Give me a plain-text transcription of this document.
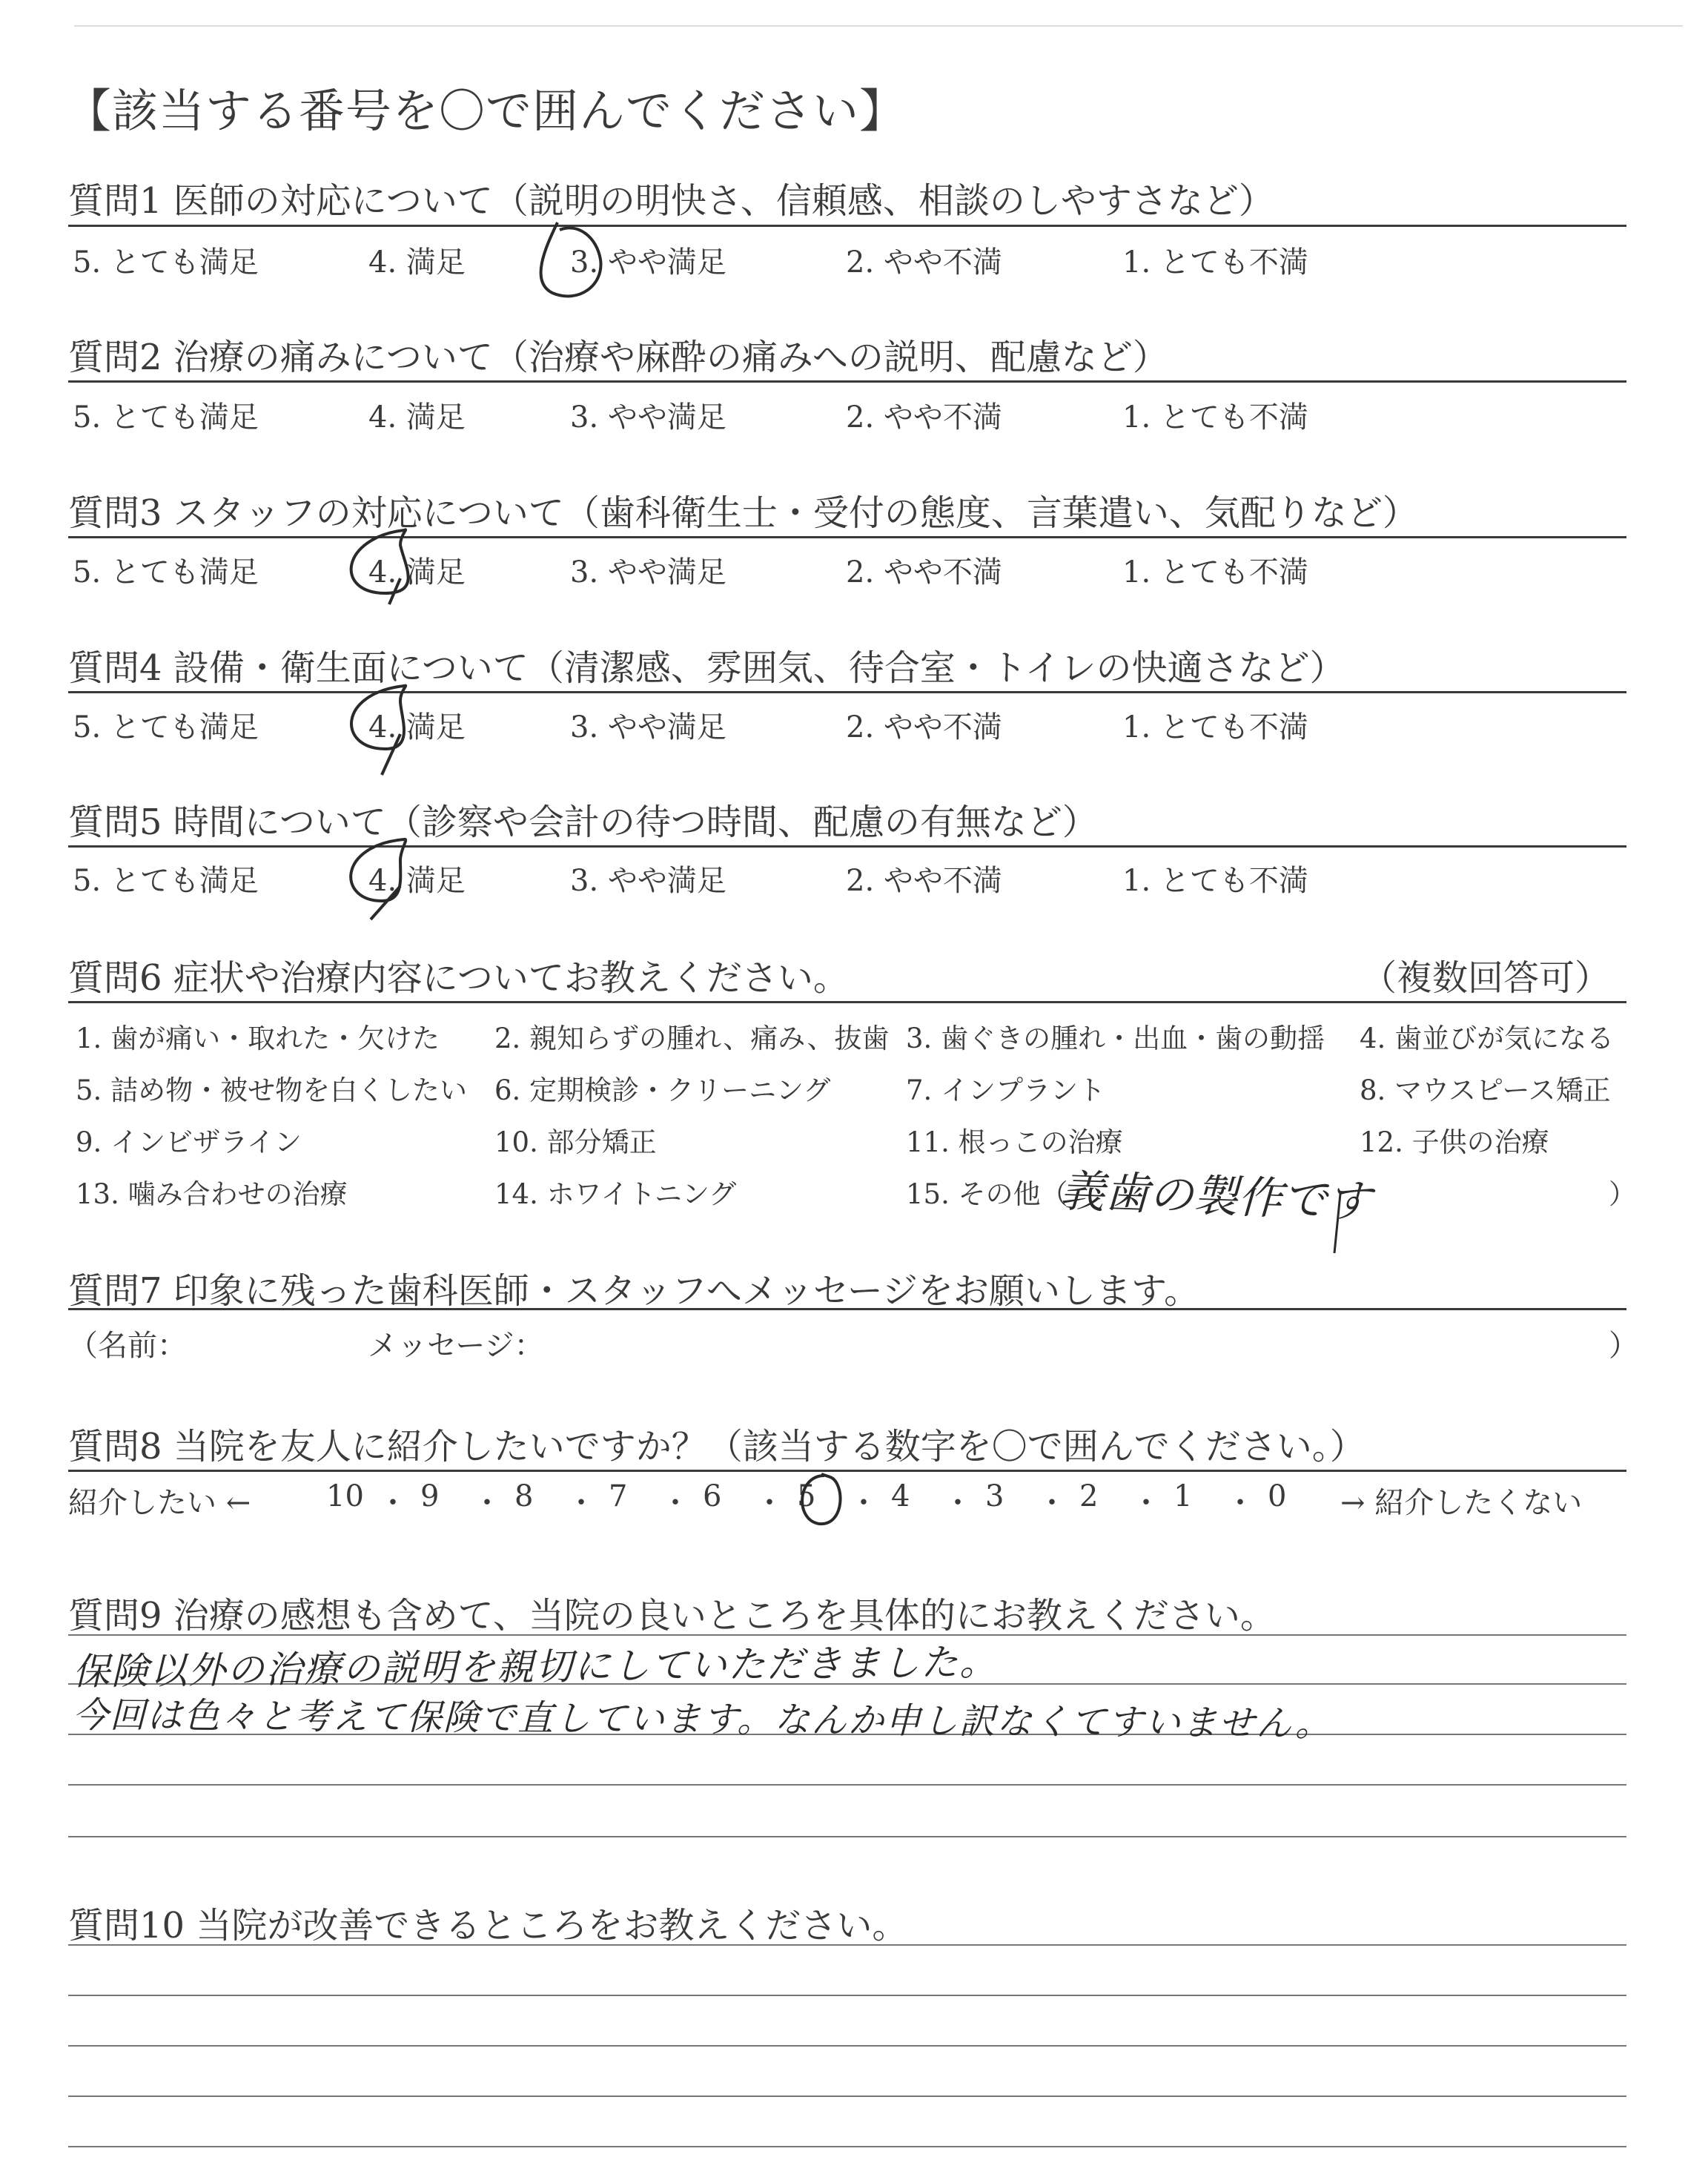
【該当する番号を〇で囲んでください】
質問1 医師の対応について（説明の明快さ、信頼感、相談のしやすさなど）
5. とても満足	4. 満足	3. やや満足	2. やや不満	1. とても不満
質問2 治療の痛みについて（治療や麻酔の痛みへの説明、配慮など）
5. とても満足	4. 満足	3. やや満足	2. やや不満	1. とても不満
質問3 スタッフの対応について（歯科衛生士・受付の態度、言葉遣い、気配りなど）
5. とても満足	4. 満足	3. やや満足	2. やや不満	1. とても不満
質問4 設備・衛生面について（清潔感、雰囲気、待合室・トイレの快適さなど）
5. とても満足	4. 満足	3. やや満足	2. やや不満	1. とても不満
質問5 時間について（診察や会計の待つ時間、配慮の有無など）
5. とても満足	4. 満足	3. やや満足	2. やや不満	1. とても不満
質問6 症状や治療内容についてお教えください。	（複数回答可）
1. 歯が痛い・取れた・欠けた 2. 親知らずの腫れ、痛み、抜歯 3. 歯ぐきの腫れ・出血・歯の動揺 4. 歯並びが気になる
5. 詰め物・被せ物を白くしたい 6. 定期検診・クリーニング	7. インプラント	8. マウスピース矯正
9. インビザライン	10. 部分矯正	11. 根っこの治療	12. 子供の治療
13. 噛み合わせの治療	14. ホワイトニング	15. その他（	）
義歯の製作です
質問7 印象に残った歯科医師・スタッフへメッセージをお願いします。
（名前：	メッセージ：	）
質問8 当院を友人に紹介したいですか？（該当する数字を〇で囲んでください。）
紹介したい ←	→ 紹介したくない
10 ・ 9 ・ 8 ・ 7 ・ 6 ・ 5 ・ 4 ・ 3 ・ 2 ・ 1 ・ 0
質問9 治療の感想も含めて、当院の良いところを具体的にお教えください。
保険以外の治療の説明を親切にしていただきました。
今回は色々と考えて保険で直しています。なんか申し訳なくてすいません。
質問10 当院が改善できるところをお教えください。
